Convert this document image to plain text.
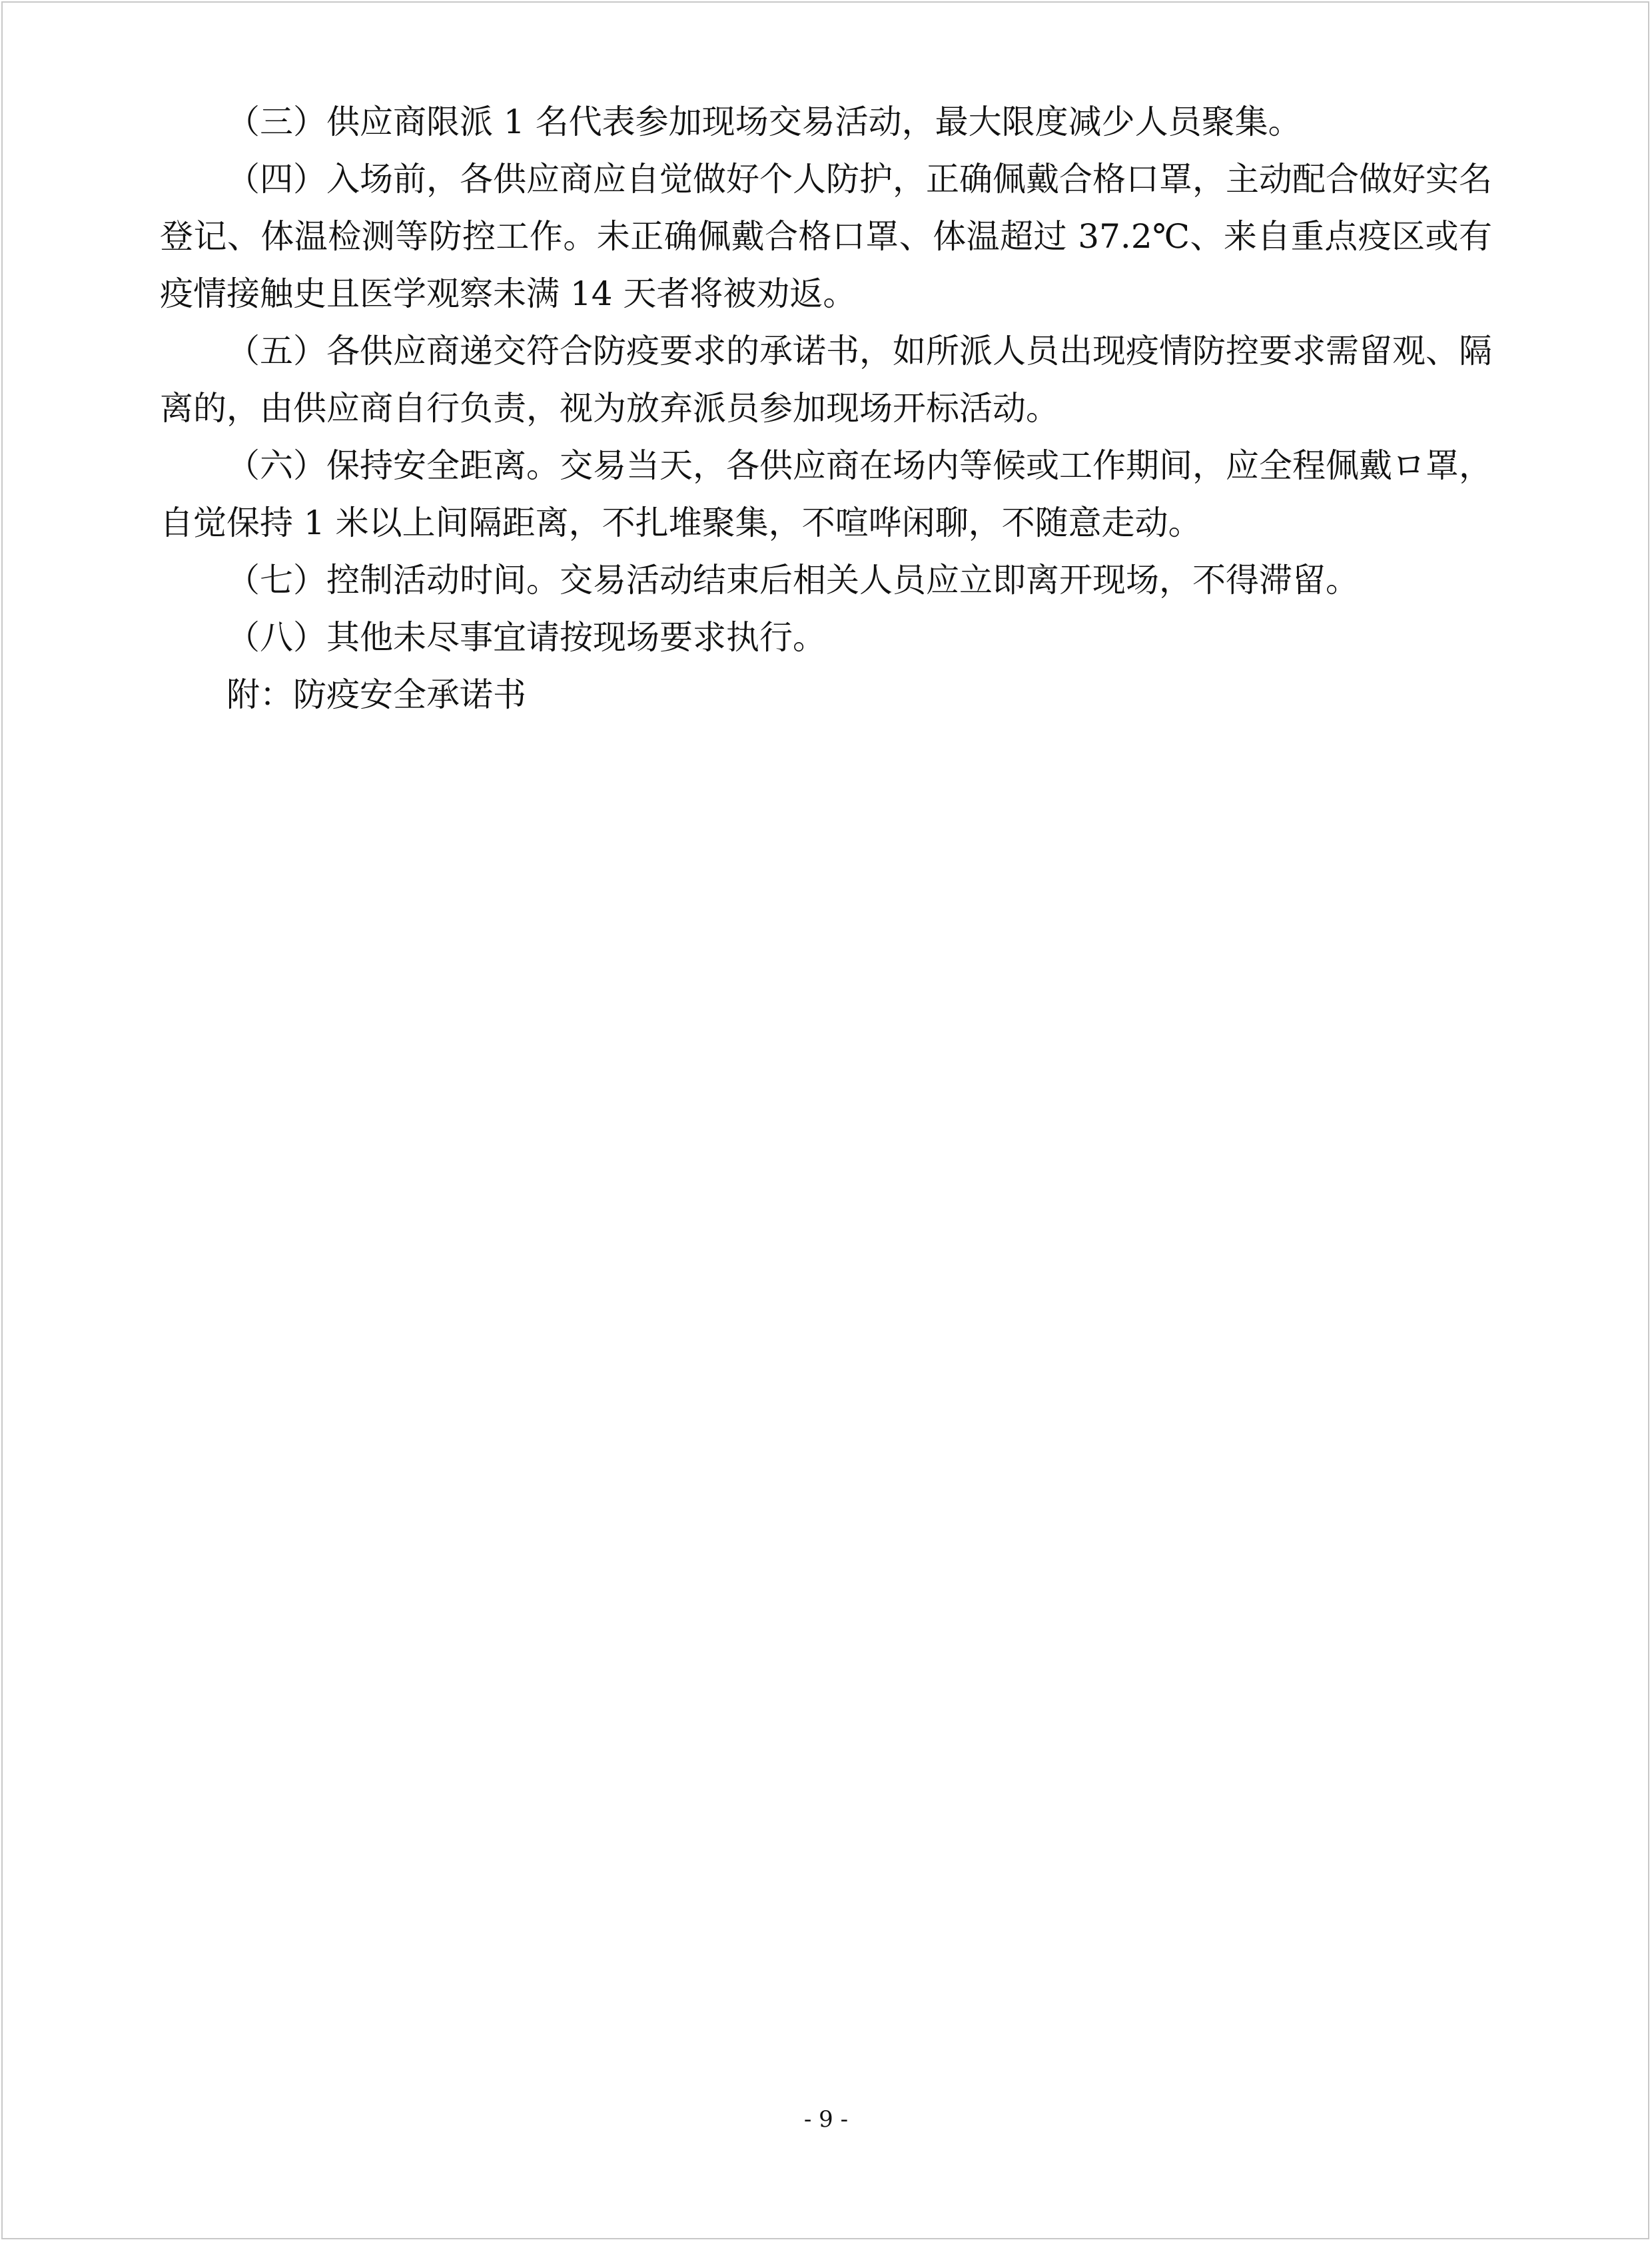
（三）供应商限派 1 名代表参加现场交易活动，最大限度减少人员聚集。

（四）入场前，各供应商应自觉做好个人防护，正确佩戴合格口罩，主动配合做好实名登记、体温检测等防控工作。未正确佩戴合格口罩、体温超过 37.2℃、来自重点疫区或有疫情接触史且医学观察未满 14 天者将被劝返。

（五）各供应商递交符合防疫要求的承诺书，如所派人员出现疫情防控要求需留观、隔离的，由供应商自行负责，视为放弃派员参加现场开标活动。

（六）保持安全距离。交易当天，各供应商在场内等候或工作期间，应全程佩戴ロ罩，自觉保持 1 米以上间隔距离，不扎堆聚集，不喧哗闲聊，不随意走动。

（七）控制活动时间。交易活动结束后相关人员应立即离开现场，不得滞留。

（八）其他未尽事宜请按现场要求执行。

附：防疫安全承诺书

- 9 -
